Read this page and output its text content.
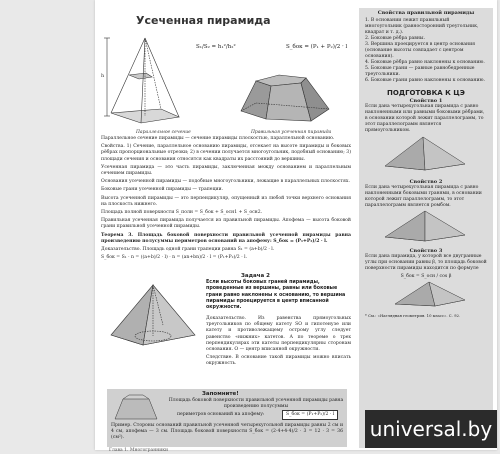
Усеченная пирамида
h
Параллельное сечение	Правильная усеченная пирамида
S₁/S₂ = h₁²/h₂²	S_бок = (P₁ + P₂)/2 · l

Параллельное сечение пирамиды — сечение пирамиды плоскостью, параллельной основанию.

Свойства. 1) Сечение, параллельное основанию пирамиды, отсекает на высоте пирамиды и боковых рёбрах пропорциональные отрезки; 2) в сечении получается многоугольник, подобный основанию; 3) площади сечения и основания относятся как квадраты их расстояний до вершины.

Усеченная пирамида — это часть пирамиды, заключенная между основанием и параллельным сечением пирамиды.

Основания усеченной пирамиды — подобные многоугольники, лежащие в параллельных плоскостях.

Боковые грани усеченной пирамиды — трапеции.

Высота усеченной пирамиды — это перпендикуляр, опущенный из любой точки верхнего основания на плоскость нижнего.

Площадь полной поверхности S_полн = S_бок + S_осн1 + S_осн2.

Правильная усеченная пирамида получается из правильной пирамиды. Апофема — высота боковой грани правильной усеченной пирамиды.

Теорема 3. Площадь боковой поверхности правильной усеченной пирамиды равна произведению полусуммы периметров оснований на апофему: S_бок = (P₁+P₂)/2 · l.

Доказательство. Площадь одной грани трапеции равна S₁ = (a+b)/2 · l.

S_бок = S₁ · n = ((a+b)/2 · l) · n = (an+bn)/2 · l = (P₁+P₂)/2 · l.

Задача 2
Если высоты боковых граней пирамиды, проведенные из вершины, равны или боковые грани равно наклонены к основанию, то вершина пирамиды проецируется в центр вписанной окружности.

Доказательство. Из равенства прямоугольных треугольников по общему катету SO и гипотенузе или катету и противолежащему острому углу следует равенство «нижних» катетов. А по теореме о трех перпендикулярах эти катеты перпендикулярны сторонам основания. О — центр вписанной окружности.

Следствие. В основание такой пирамиды можно вписать окружность.

Запомните!
Площадь боковой поверхности правильной усеченной пирамиды равна произведению полусуммы
периметров оснований на апофему:	S_бок = (P₁+P₂)/2 · l
Пример. Стороны оснований правильной усеченной четырехугольной пирамиды равны 2 см и 4 см, апофема — 3 см. Площадь боковой поверхности S_бок = (2·4+4·4)/2 · 3 = 12 · 3 = 36 (см²).
Глава 1. Многогранники
Свойства правильной пирамиды
1. В основании лежит правильный многоугольник (равносторонний треугольник, квадрат и т. д.).
2. Боковые рёбра равны.
3. Вершина проецируется в центр основания (основание высоты совпадает с центром основания).
4. Боковые рёбра равно наклонены к основанию.
5. Боковые грани — равные равнобедренные треугольники.
6. Боковые грани равно наклонены к основанию.
ПОДГОТОВКА К ЦЭ
Свойство 1
Если дана четырехугольная пирамида с равно наклоненными или равными боковыми рёбрами, в основании которой лежит параллелограмм, то этот параллелограмм является прямоугольником.
Свойство 2
Если дана четырехугольная пирамида с равно наклоненными боковыми гранями, в основании которой лежит параллелограмм, то этот параллелограмм является ромбом.
Свойство 3
Если дана пирамида, у которой все двугранные углы при основании равны β, то площадь боковой поверхности пирамиды находится по формуле
S_бок = S_осн / cos β
* См.: «Наглядная геометрия. 10 класс». С. 92.
universal.by
